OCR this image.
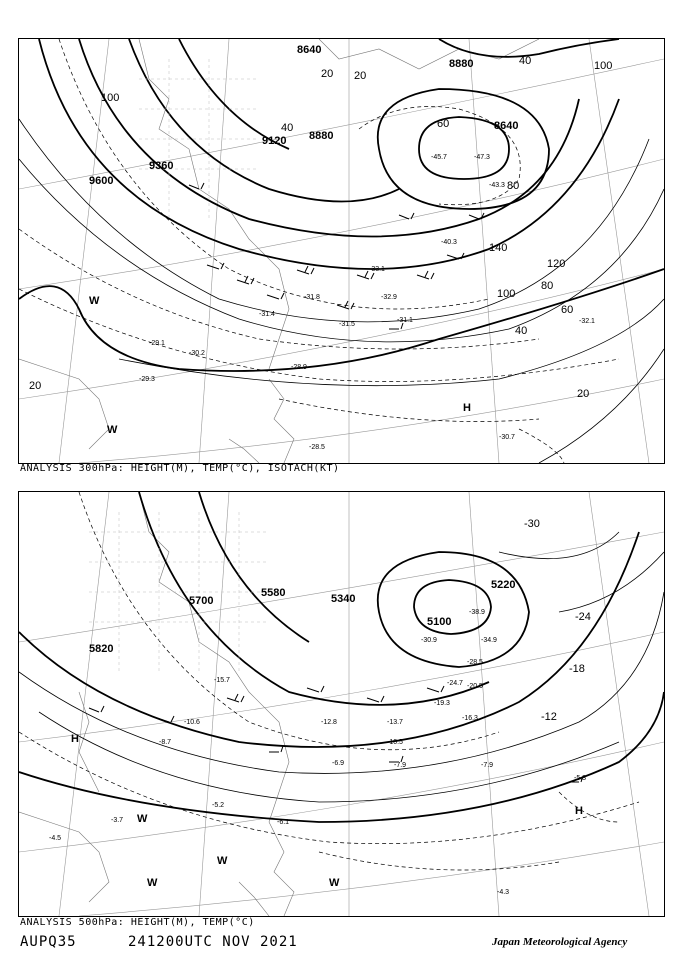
9600
9360
9120 8880
8640
8880
8640
20
40	60
80
100
120
140
100
80
60
40
20
20
40	100
20
-45.7	-47.3
-43.3
-40.3
-33.1
-31.8	-32.9
-31.4
-31.5
-31.1	-32.1
-30.2
-29.1
-29.3
-28.9
-28.5
-30.7
W
W
H
ANALYSIS 300hPa: HEIGHT(M), TEMP(°C), ISOTACH(KT)
5820
5700
5580	5340
5220
5100
-30
-24
-18
-12
-38.9
-34.9
-30.9
-28.5
-24.7 -20.5
-19.3
-16.3
-13.7
-10.5
-7.9	-7.9
-6.9
-5.3
-4.3
-12.8
-15.7
-10.6
-8.7
-5.2
-6.1
-4.5
-3.7
H
H
W
W
W	W
ANALYSIS 500hPa: HEIGHT(M), TEMP(°C)
AUPQ35	241200UTC NOV 2021	Japan Meteorological Agency
